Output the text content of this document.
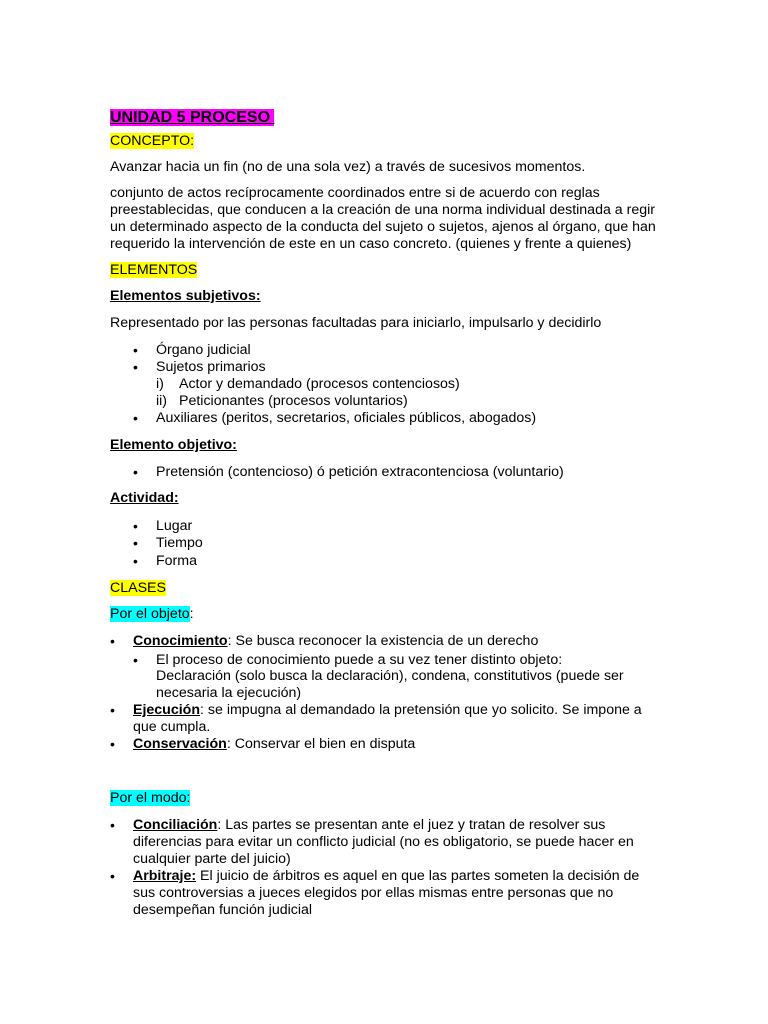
UNIDAD 5 PROCESO
CONCEPTO:
Avanzar hacia un fin (no de una sola vez) a través de sucesivos momentos.
conjunto de actos recíprocamente coordinados entre si de acuerdo con reglas
preestablecidas, que conducen a la creación de una norma individual destinada a regir
un determinado aspecto de la conducta del sujeto o sujetos, ajenos al órgano, que han
requerido la intervención de este en un caso concreto. (quienes y frente a quienes)
ELEMENTOS
Elementos subjetivos:
Representado por las personas facultadas para iniciarlo, impulsarlo y decidirlo
• Órgano judicial
• Sujetos primarios
i) Actor y demandado (procesos contenciosos)
ii) Peticionantes (procesos voluntarios)
• Auxiliares (peritos, secretarios, oficiales públicos, abogados)
Elemento objetivo:
• Pretensión (contencioso) ó petición extracontenciosa (voluntario)
Actividad:
• Lugar
• Tiempo
• Forma
CLASES
Por el objeto:
• Conocimiento: Se busca reconocer la existencia de un derecho
• El proceso de conocimiento puede a su vez tener distinto objeto:
Declaración (solo busca la declaración), condena, constitutivos (puede ser
necesaria la ejecución)
• Ejecución: se impugna al demandado la pretensión que yo solicito. Se impone a
que cumpla.
• Conservación: Conservar el bien en disputa
Por el modo:
• Conciliación: Las partes se presentan ante el juez y tratan de resolver sus
diferencias para evitar un conflicto judicial (no es obligatorio, se puede hacer en
cualquier parte del juicio)
• Arbitraje: El juicio de árbitros es aquel en que las partes someten la decisión de
sus controversias a jueces elegidos por ellas mismas entre personas que no
desempeñan función judicial
